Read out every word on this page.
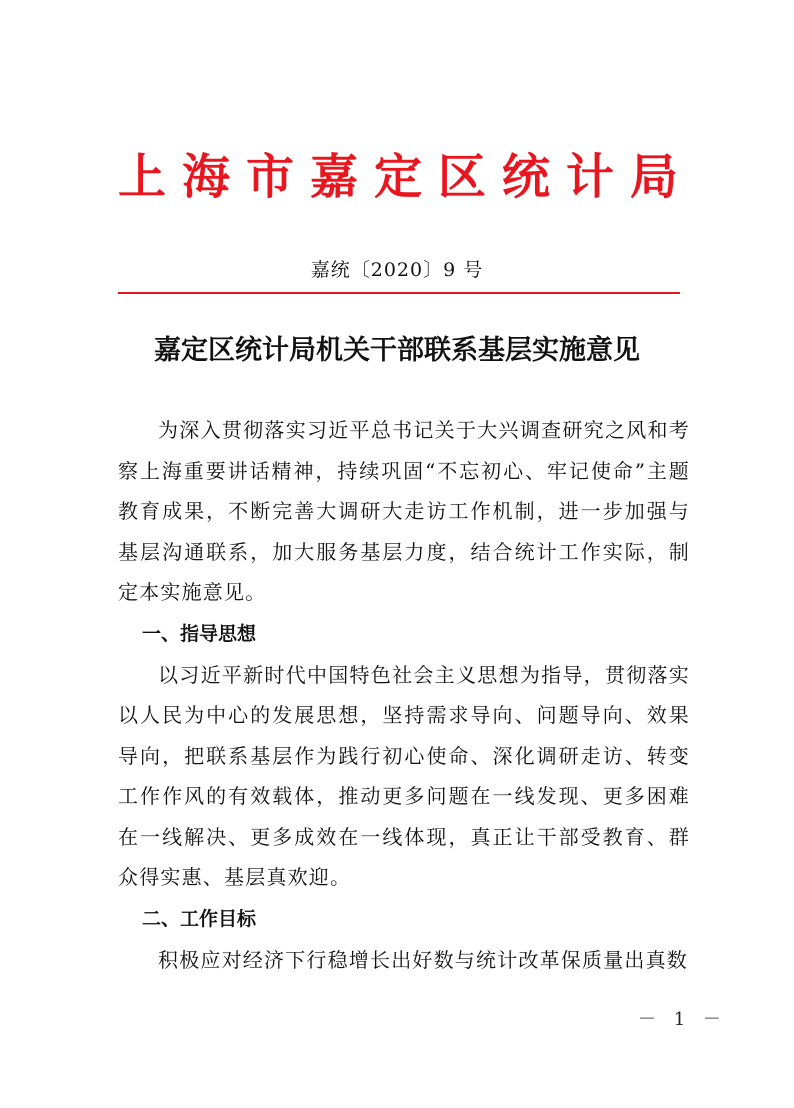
上 海 市 嘉 定 区 统 计 局
嘉统〔2020〕9 号
嘉定区统计局机关干部联系基层实施意见

为深入贯彻落实习近平总书记关于大兴调查研究之风和考察上海重要讲话精神，持续巩固“不忘初心、牢记使命”主题教育成果，不断完善大调研大走访工作机制，进一步加强与基层沟通联系，加大服务基层力度，结合统计工作实际，制定本实施意见。

一、指导思想

以习近平新时代中国特色社会主义思想为指导，贯彻落实以人民为中心的发展思想，坚持需求导向、问题导向、效果导向，把联系基层作为践行初心使命、深化调研走访、转变工作作风的有效载体，推动更多问题在一线发现、更多困难在一线解决、更多成效在一线体现，真正让干部受教育、群众得实惠、基层真欢迎。

二、工作目标

积极应对经济下行稳增长出好数与统计改革保质量出真数

－ 1 －
